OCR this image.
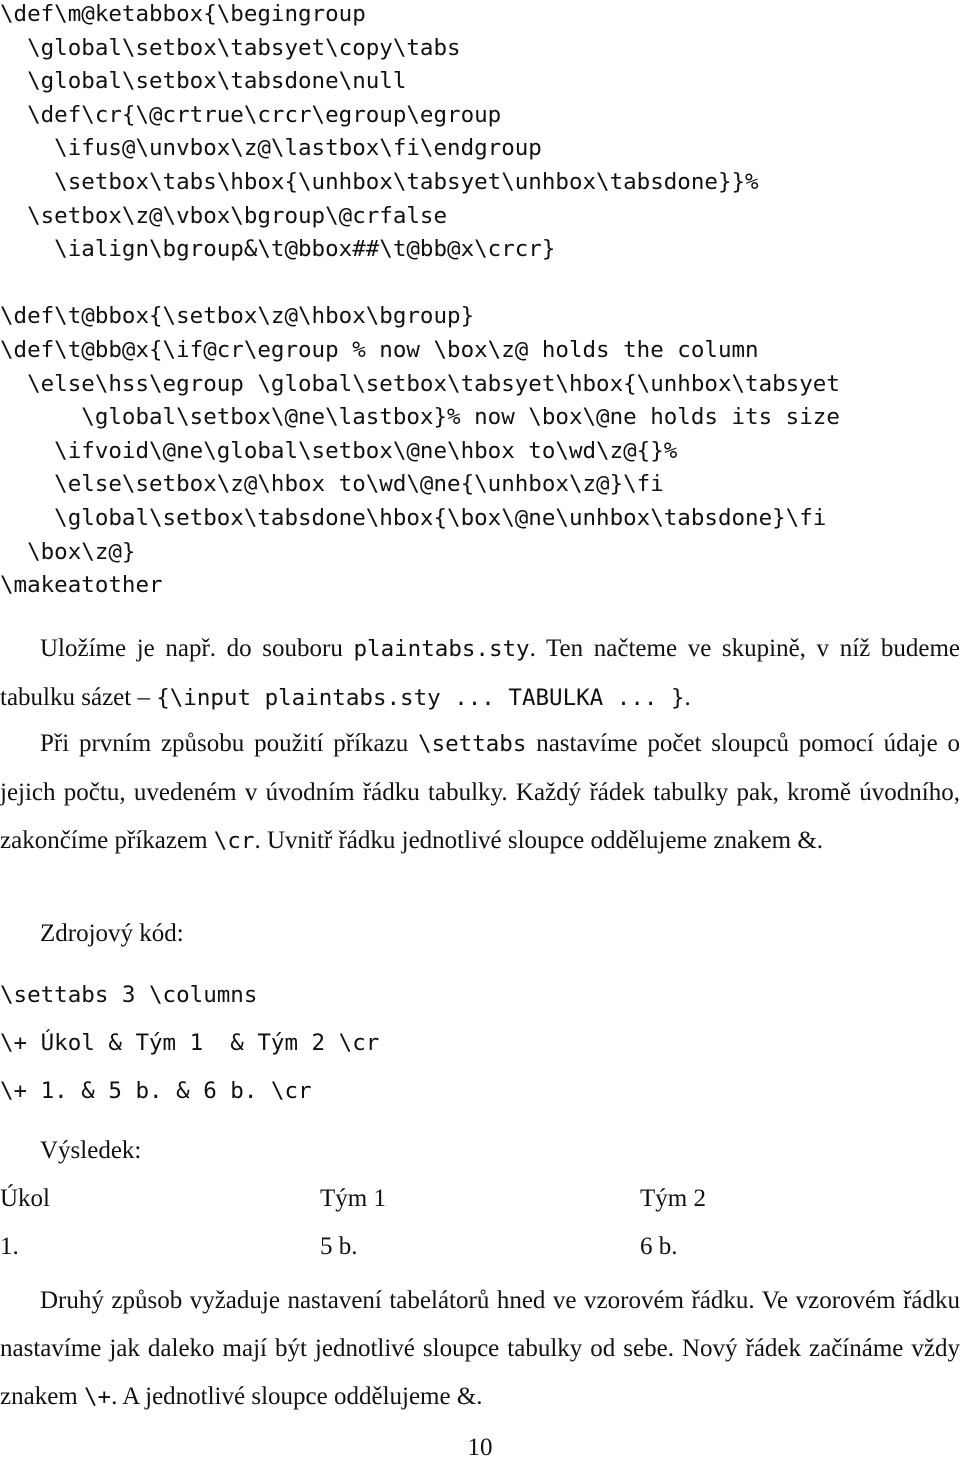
\def\m@ketabbox{\begingroup
\global\setbox\tabsyet\copy\tabs
\global\setbox\tabsdone\null
\def\cr{\@crtrue\crcr\egroup\egroup
\ifus@\unvbox\z@\lastbox\fi\endgroup
\setbox\tabs\hbox{\unhbox\tabsyet\unhbox\tabsdone}}%
\setbox\z@\vbox\bgroup\@crfalse
\ialign\bgroup&\t@bbox##\t@bb@x\crcr}
\def\t@bbox{\setbox\z@\hbox\bgroup}
\def\t@bb@x{\if@cr\egroup % now \box\z@ holds the column
\else\hss\egroup \global\setbox\tabsyet\hbox{\unhbox\tabsyet
\global\setbox\@ne\lastbox}% now \box\@ne holds its size
\ifvoid\@ne\global\setbox\@ne\hbox to\wd\z@{}%
\else\setbox\z@\hbox to\wd\@ne{\unhbox\z@}\fi
\global\setbox\tabsdone\hbox{\box\@ne\unhbox\tabsdone}\fi
\box\z@}
\makeatother

Uložíme je např. do souboru plaintabs.sty. Ten načteme ve skupině, v níž budeme tabulku sázet – {\input plaintabs.sty ... TABULKA ... }.

Při prvním způsobu použití příkazu \settabs nastavíme počet sloupců pomocí údaje o jejich počtu, uvedeném v úvodním řádku tabulky. Každý řádek tabulky pak, kromě úvodního, zakončíme příkazem \cr. Uvnitř řádku jednotlivé sloupce oddělujeme znakem &.

Zdrojový kód:

\settabs 3 \columns
\+ Úkol & Tým 1  & Tým 2 \cr
\+ 1. & 5 b. & 6 b. \cr

Výsledek:

Úkol	Tým 1	Tým 2

1.	5 b.	6 b.

Druhý způsob vyžaduje nastavení tabelátorů hned ve vzorovém řádku. Ve vzorovém řádku nastavíme jak daleko mají být jednotlivé sloupce tabulky od sebe. Nový řádek začínáme vždy znakem \+. A jednotlivé sloupce oddělujeme &.

10
